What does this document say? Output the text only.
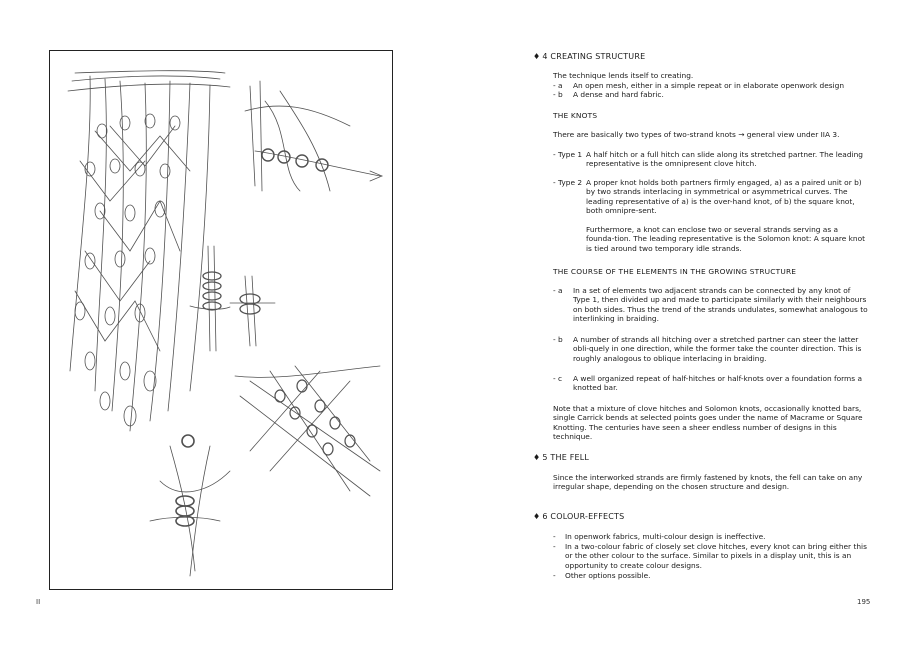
II
♦ 4 CREATING STRUCTURE

The technique lends itself to creating.

- a An open mesh, either in a simple repeat or in elaborate openwork design
- b A dense and hard fabric.
THE KNOTS

There are basically two types of two-strand knots → general view under IIA 3.

- Type 1 A half hitch or a full hitch can slide along its stretched partner. The leading representative is the omnipresent clove hitch.
- Type 2 A proper knot holds both partners firmly engaged, a) as a paired unit or b) by two strands interlacing in symmetrical or asymmetrical curves. The leading representative of a) is the over-hand knot, of b) the square knot, both omnipre-sent.

Furthermore, a knot can enclose two or several strands serving as a founda-tion. The leading representative is the Solomon knot: A square knot is tied around two temporary idle strands.

THE COURSE OF THE ELEMENTS IN THE GROWING STRUCTURE
- a In a set of elements two adjacent strands can be connected by any knot of Type 1, then divided up and made to participate similarly with their neighbours on both sides. Thus the trend of the strands undulates, somewhat analogous to interlinking in braiding.
- b A number of strands all hitching over a stretched partner can steer the latter obli-quely in one direction, while the former take the counter direction. This is roughly analogous to oblique interlacing in braiding.
- c A well organized repeat of half-hitches or half-knots over a foundation forms a knotted bar.

Note that a mixture of clove hitches and Solomon knots, occasionally knotted bars, single Carrick bends at selected points goes under the name of Macrame or Square Knotting. The centuries have seen a sheer endless number of designs in this technique.

♦ 5 THE FELL

Since the interworked strands are firmly fastened by knots, the fell can take on any irregular shape, depending on the chosen structure and design.

♦ 6 COLOUR-EFFECTS
- In openwork fabrics, multi-colour design is ineffective.
- In a two-colour fabric of closely set clove hitches, every knot can bring either this or the other colour to the surface. Similar to pixels in a display unit, this is an opportunity to create colour designs.
- Other options possible.
195
